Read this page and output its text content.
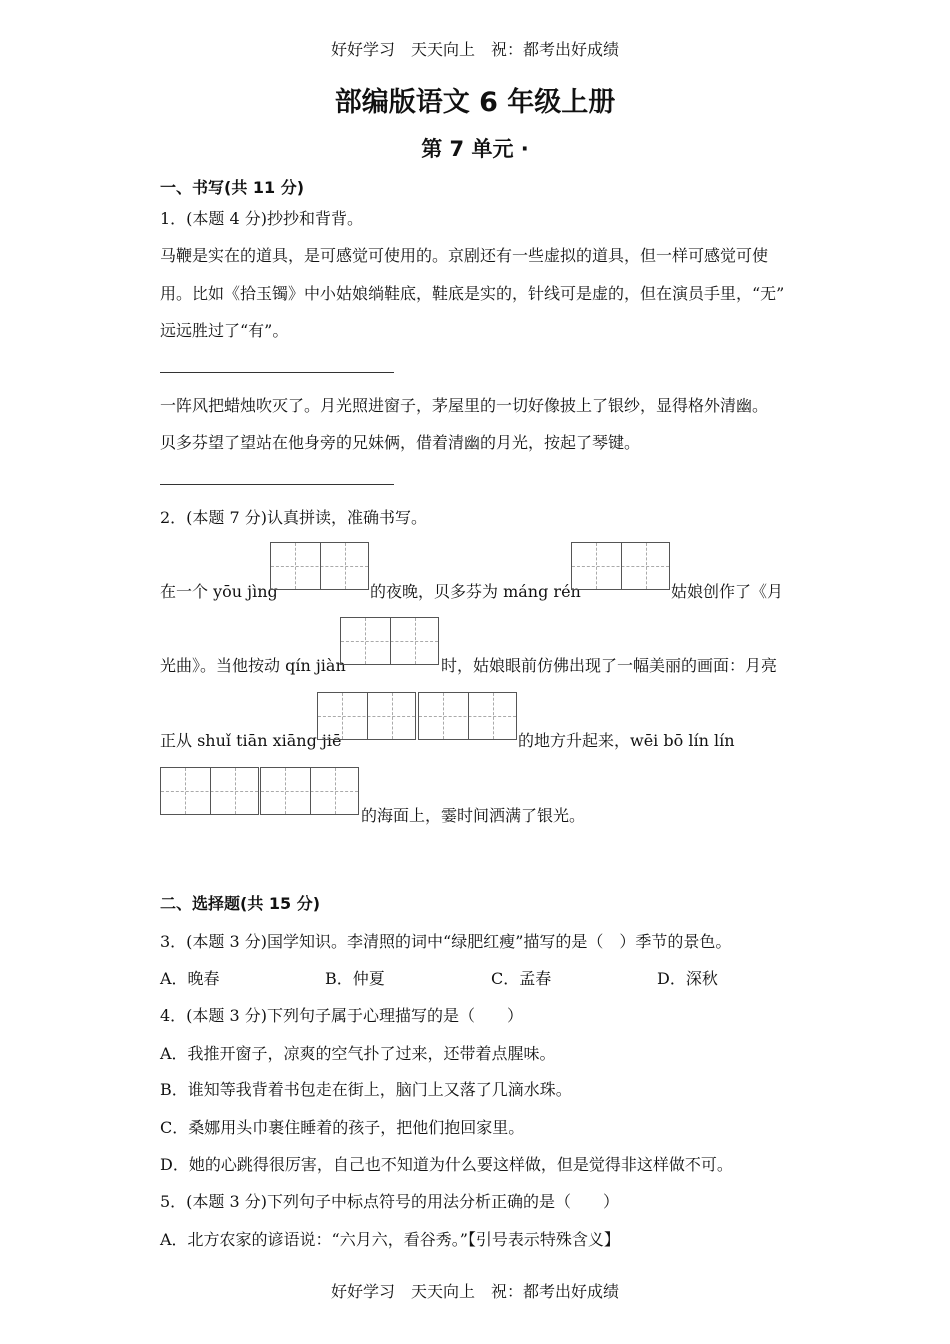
好好学习　天天向上　祝：都考出好成绩
部编版语文 6 年级上册
第 7 单元 ·
一、书写(共 11 分)
1．(本题 4 分)抄抄和背背。
马鞭是实在的道具，是可感觉可使用的。京剧还有一些虚拟的道具，但一样可感觉可使
用。比如《拾玉镯》中小姑娘绱鞋底，鞋底是实的，针线可是虚的，但在演员手里，“无”
远远胜过了“有”。
一阵风把蜡烛吹灭了。月光照进窗子，茅屋里的一切好像披上了银纱，显得格外清幽。
贝多芬望了望站在他身旁的兄妹俩，借着清幽的月光，按起了琴键。
2．(本题 7 分)认真拼读，准确书写。
在一个 yōu jìng	的夜晚，贝多芬为 máng rén	姑娘创作了《月
光曲》。当他按动 qín jiàn	时，姑娘眼前仿佛出现了一幅美丽的画面：月亮
正从 shuǐ tiān xiāng jiē	的地方升起来，wēi bō lín lín
的海面上，霎时间洒满了银光。
二、选择题(共 15 分)
3．(本题 3 分)国学知识。李清照的词中“绿肥红瘦”描写的是（　）季节的景色。
A．晚春	B．仲夏	C．孟春	D．深秋
4．(本题 3 分)下列句子属于心理描写的是（　　）
A．我推开窗子，凉爽的空气扑了过来，还带着点腥味。
B．谁知等我背着书包走在街上，脑门上又落了几滴水珠。
C．桑娜用头巾裹住睡着的孩子，把他们抱回家里。
D．她的心跳得很厉害，自己也不知道为什么要这样做，但是觉得非这样做不可。
5．(本题 3 分)下列句子中标点符号的用法分析正确的是（　　）
A．北方农家的谚语说：“六月六，看谷秀。”【引号表示特殊含义】
好好学习　天天向上　祝：都考出好成绩
